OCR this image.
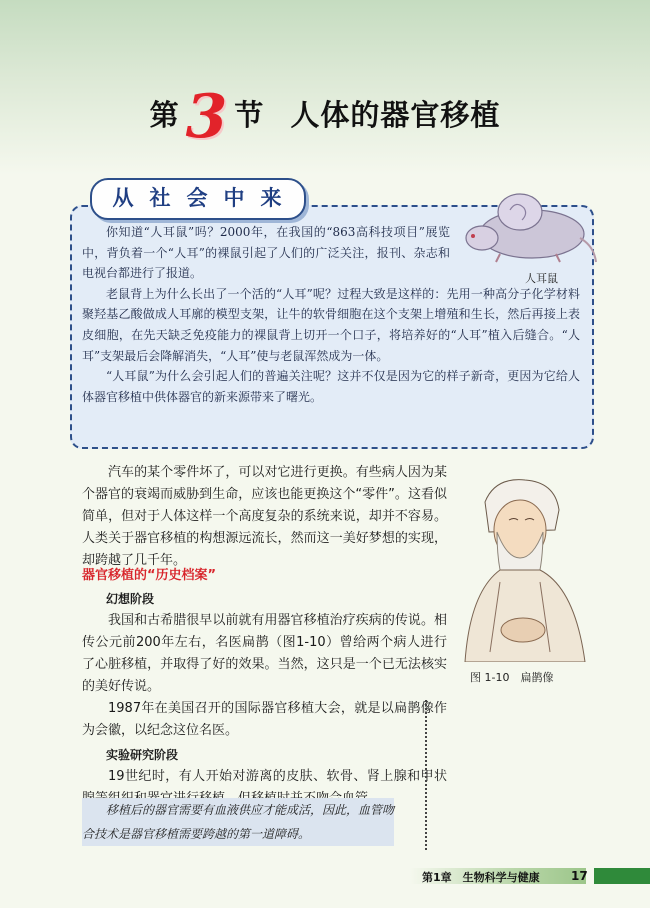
第 3 节 人体的器官移植
从社会中来
人耳鼠

你知道“人耳鼠”吗？2000年，在我国的“863高科技项目”展览中，背负着一个“人耳”的裸鼠引起了人们的广泛关注，报刊、杂志和电视台都进行了报道。

老鼠背上为什么长出了一个活的“人耳”呢？过程大致是这样的：先用一种高分子化学材料聚羟基乙酸做成人耳廓的模型支架，让牛的软骨细胞在这个支架上增殖和生长，然后再接上表皮细胞，在先天缺乏免疫能力的裸鼠背上切开一个口子，将培养好的“人耳”植入后缝合。“人耳”支架最后会降解消失，“人耳”使与老鼠浑然成为一体。

“人耳鼠”为什么会引起人们的普遍关注呢？这并不仅是因为它的样子新奇，更因为它给人体器官移植中供体器官的新来源带来了曙光。

汽车的某个零件坏了，可以对它进行更换。有些病人因为某个器官的衰竭而威胁到生命，应该也能更换这个“零件”。这看似简单，但对于人体这样一个高度复杂的系统来说，却并不容易。人类关于器官移植的构想源远流长，然而这一美好梦想的实现，却跨越了几千年。

器官移植的“历史档案”
幻想阶段

我国和古希腊很早以前就有用器官移植治疗疾病的传说。相传公元前200年左右，名医扁鹊（图1-10）曾给两个病人进行了心脏移植，并取得了好的效果。当然，这只是一个已无法核实的美好传说。

1987年在美国召开的国际器官移植大会，就是以扁鹊像作为会徽，以纪念这位名医。

实验研究阶段

19世纪时，有人开始对游离的皮肤、软骨、肾上腺和甲状

图 1-10　扁鹊像

移植后的器官需要有血液供应才能成活，因此，血管吻合技术是器官移植需要跨越的第一道障碍。

第1章　生物科学与健康	17
